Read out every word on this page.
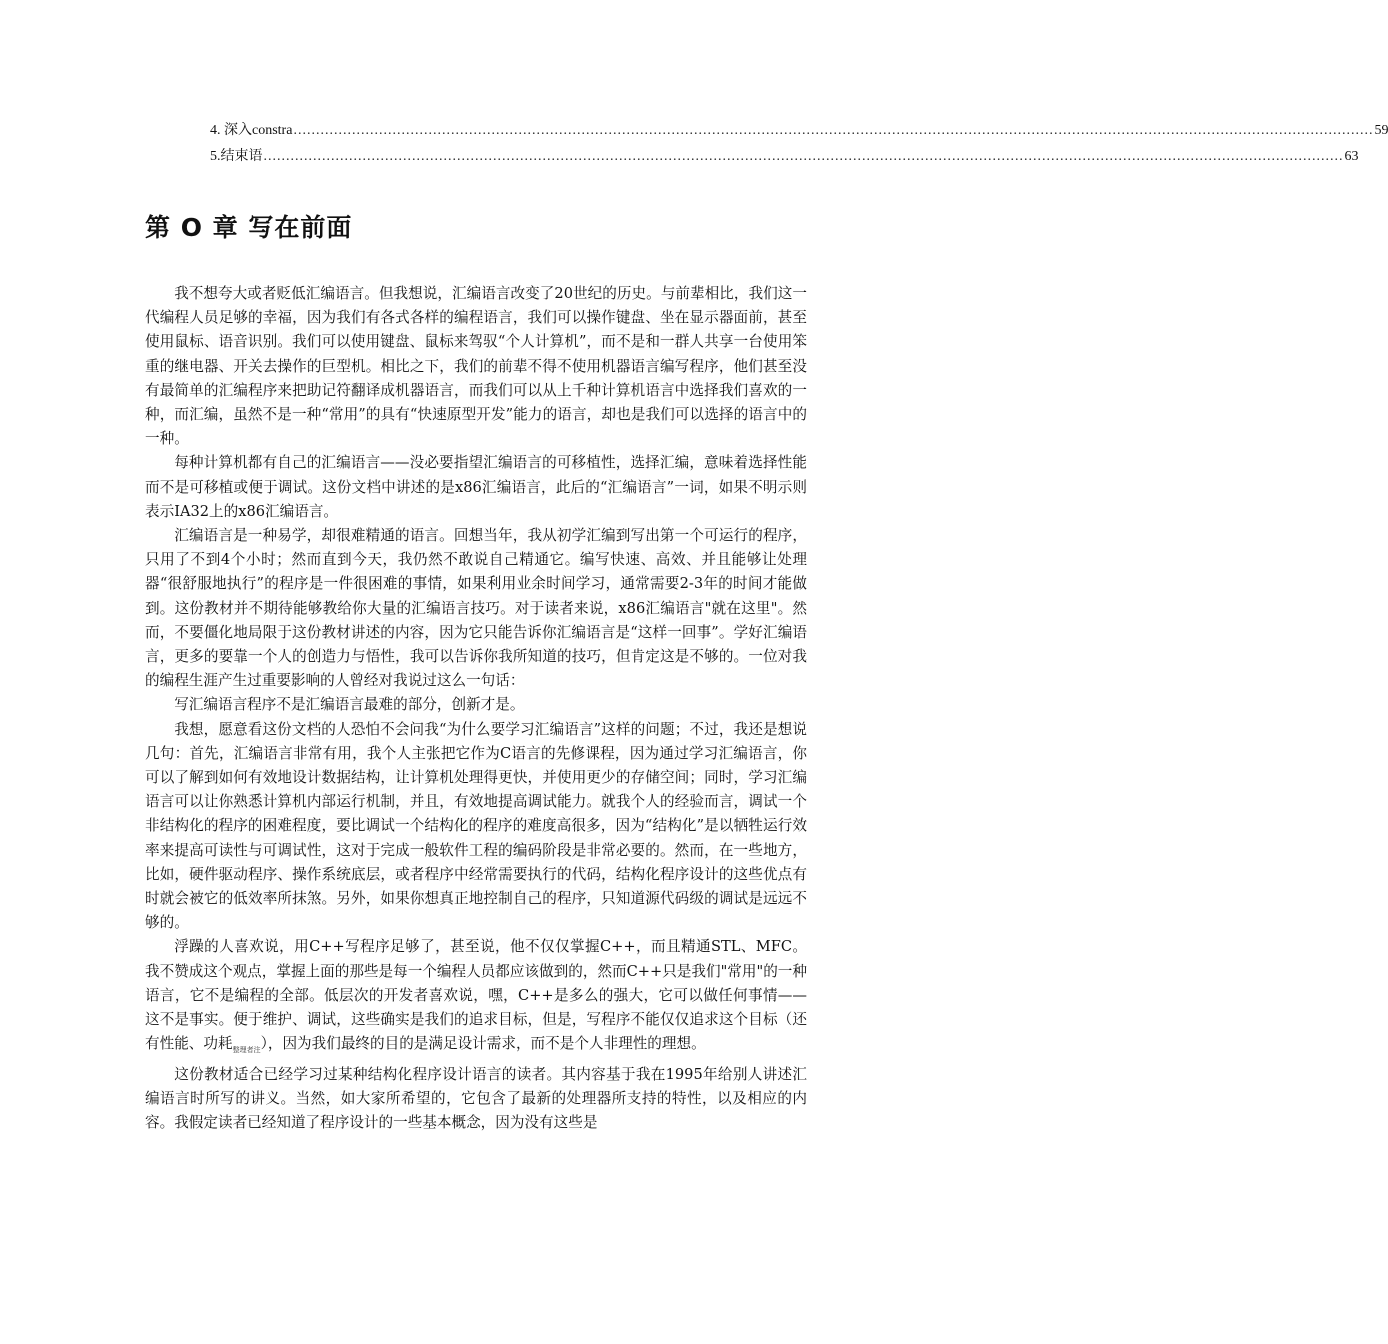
4. 深入constra .....	59
5.结束语 .....	63
第 O 章 写在前面

我不想夸大或者贬低汇编语言。但我想说，汇编语言改变了20世纪的历史。与前辈相比，我们这一代编程人员足够的幸福，因为我们有各式各样的编程语言，我们可以操作键盘、坐在显示器面前，甚至使用鼠标、语音识别。我们可以使用键盘、鼠标来驾驭“个人计算机”，而不是和一群人共享一台使用笨重的继电器、开关去操作的巨型机。相比之下，我们的前辈不得不使用机器语言编写程序，他们甚至没有最简单的汇编程序来把助记符翻译成机器语言，而我们可以从上千种计算机语言中选择我们喜欢的一种，而汇编，虽然不是一种“常用”的具有“快速原型开发”能力的语言，却也是我们可以选择的语言中的一种。

每种计算机都有自己的汇编语言——没必要指望汇编语言的可移植性，选择汇编，意味着选择性能而不是可移植或便于调试。这份文档中讲述的是x86汇编语言，此后的“汇编语言”一词，如果不明示则表示IA32上的x86汇编语言。

汇编语言是一种易学，却很难精通的语言。回想当年，我从初学汇编到写出第一个可运行的程序，只用了不到4个小时；然而直到今天，我仍然不敢说自己精通它。编写快速、高效、并且能够让处理器“很舒服地执行”的程序是一件很困难的事情，如果利用业余时间学习，通常需要2-3年的时间才能做到。这份教材并不期待能够教给你大量的汇编语言技巧。对于读者来说，x86汇编语言"就在这里"。然而，不要僵化地局限于这份教材讲述的内容，因为它只能告诉你汇编语言是“这样一回事”。学好汇编语言，更多的要靠一个人的创造力与悟性，我可以告诉你我所知道的技巧，但肯定这是不够的。一位对我的编程生涯产生过重要影响的人曾经对我说过这么一句话：

写汇编语言程序不是汇编语言最难的部分，创新才是。

我想，愿意看这份文档的人恐怕不会问我“为什么要学习汇编语言”这样的问题；不过，我还是想说几句：首先，汇编语言非常有用，我个人主张把它作为C语言的先修课程，因为通过学习汇编语言，你可以了解到如何有效地设计数据结构，让计算机处理得更快，并使用更少的存储空间；同时，学习汇编语言可以让你熟悉计算机内部运行机制，并且，有效地提高调试能力。就我个人的经验而言，调试一个非结构化的程序的困难程度，要比调试一个结构化的程序的难度高很多，因为“结构化”是以牺牲运行效率来提高可读性与可调试性，这对于完成一般软件工程的编码阶段是非常必要的。然而，在一些地方，比如，硬件驱动程序、操作系统底层，或者程序中经常需要执行的代码，结构化程序设计的这些优点有时就会被它的低效率所抹煞。另外，如果你想真正地控制自己的程序，只知道源代码级的调试是远远不够的。

浮躁的人喜欢说，用C++写程序足够了，甚至说，他不仅仅掌握C++，而且精通STL、MFC。我不赞成这个观点，掌握上面的那些是每一个编程人员都应该做到的，然而C++只是我们"常用"的一种语言，它不是编程的全部。低层次的开发者喜欢说，嘿，C++是多么的强大，它可以做任何事情——这不是事实。便于维护、调试，这些确实是我们的追求目标，但是，写程序不能仅仅追求这个目标（还有性能、功耗$_{整理者注}$），因为我们最终的目的是满足设计需求，而不是个人非理性的理想。

这份教材适合已经学习过某种结构化程序设计语言的读者。其内容基于我在1995年给别人讲述汇编语言时所写的讲义。当然，如大家所希望的，它包含了最新的处理器所支持的特性，以及相应的内容。我假定读者已经知道了程序设计的一些基本概念，因为没有这些是
